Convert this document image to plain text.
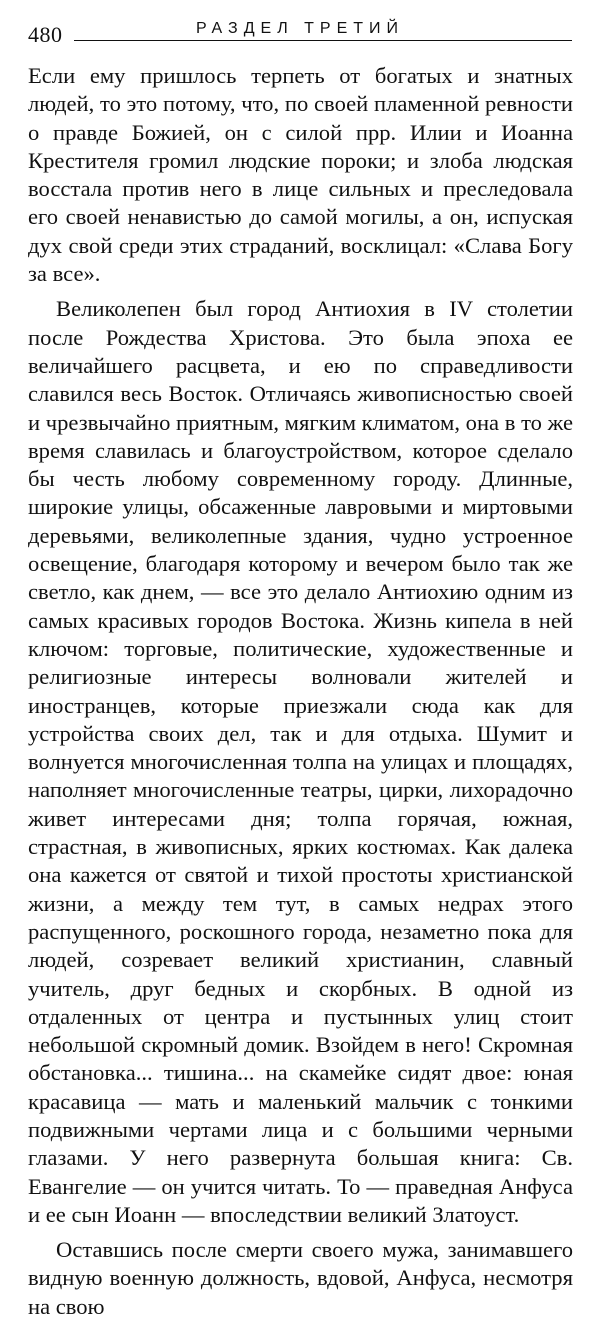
480	РАЗДЕЛ ТРЕТИЙ

Если ему пришлось терпеть от богатых и знатных людей, то это потому, что, по своей пламенной ревности о правде Божией, он с силой прр. Илии и Иоанна Крестителя громил людские пороки; и злоба людская восстала против него в лице сильных и преследовала его своей ненавистью до самой могилы, а он, испуская дух свой среди этих страданий, восклицал: «Слава Богу за все».

Великолепен был город Антиохия в IV столетии после Рождества Христова. Это была эпоха ее величайшего расцвета, и ею по справедливости славился весь Восток. Отличаясь живописностью своей и чрезвычайно приятным, мягким климатом, она в то же время славилась и благоустройством, которое сделало бы честь любому современному городу. Длинные, широкие улицы, обсаженные лавровыми и миртовыми деревьями, великолепные здания, чудно устроенное освещение, благодаря которому и вечером было так же светло, как днем, — все это делало Антиохию одним из самых красивых городов Востока. Жизнь кипела в ней ключом: торговые, политические, художественные и религиозные интересы волновали жителей и иностранцев, которые приезжали сюда как для устройства своих дел, так и для отдыха. Шумит и волнуется многочисленная толпа на улицах и площадях, наполняет многочисленные театры, цирки, лихорадочно живет интересами дня; толпа горячая, южная, страстная, в живописных, ярких костюмах. Как далека она кажется от святой и тихой простоты христианской жизни, а между тем тут, в самых недрах этого распущенного, роскошного города, незаметно пока для людей, созревает великий христианин, славный учитель, друг бедных и скорбных. В одной из отдаленных от центра и пустынных улиц стоит небольшой скромный домик. Взойдем в него! Скромная обстановка... тишина... на скамейке сидят двое: юная красавица — мать и маленький мальчик с тонкими подвижными чертами лица и с большими черными глазами. У него развернута большая книга: Св. Евангелие — он учится читать. То — праведная Анфуса и ее сын Иоанн — впоследствии великий Златоуст.

Оставшись после смерти своего мужа, занимавшего видную военную должность, вдовой, Анфуса, несмотря на свою
